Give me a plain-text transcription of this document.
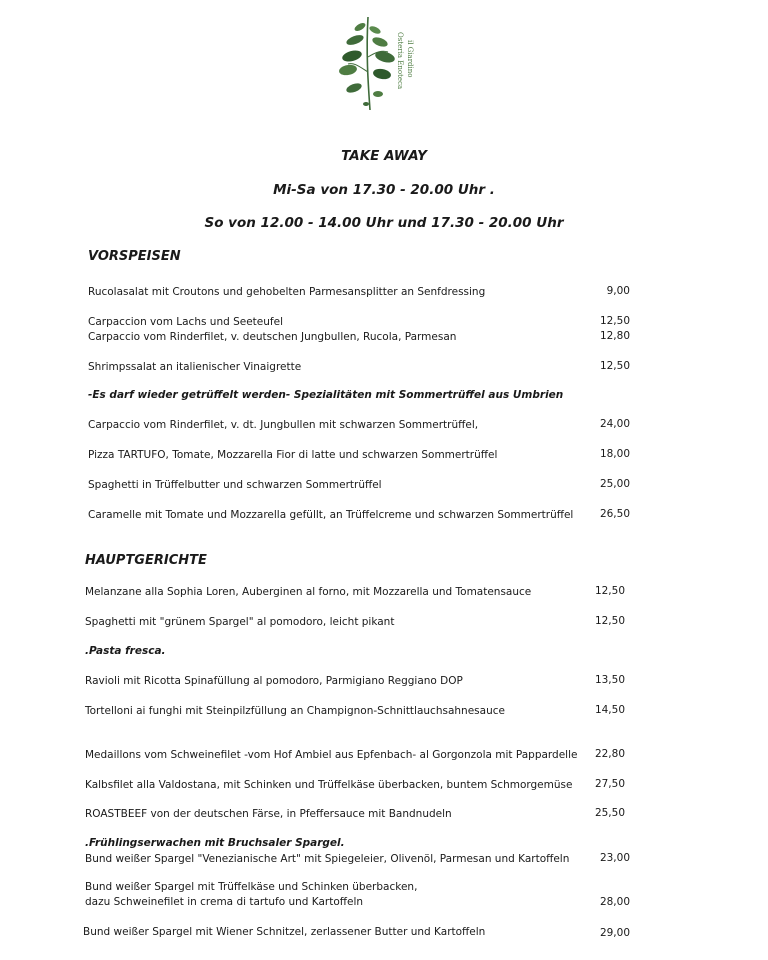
Osteria Enoteca il Giardino
TAKE AWAY
Mi-Sa von 17.30 - 20.00 Uhr .
So von 12.00 - 14.00 Uhr und 17.30 - 20.00 Uhr
VORSPEISEN
Rucolasalat mit Croutons und gehobelten Parmesansplitter an Senfdressing	9,00
Carpaccion vom Lachs und Seeteufel	12,50
Carpaccio vom Rinderfilet, v. deutschen Jungbullen, Rucola, Parmesan	12,80
Shrimpssalat an italienischer Vinaigrette	12,50
-Es darf wieder getrüffelt werden- Spezialitäten mit Sommertrüffel aus Umbrien
Carpaccio vom Rinderfilet, v. dt. Jungbullen mit schwarzen Sommertrüffel,	24,00
Pizza TARTUFO, Tomate, Mozzarella Fior di latte und schwarzen Sommertrüffel	18,00
Spaghetti in Trüffelbutter und schwarzen Sommertrüffel	25,00
Caramelle mit Tomate und Mozzarella gefüllt, an Trüffelcreme und schwarzen Sommertrüffel	26,50
HAUPTGERICHTE
Melanzane alla Sophia Loren, Auberginen al forno, mit Mozzarella und Tomatensauce	12,50
Spaghetti mit "grünem Spargel" al pomodoro, leicht pikant	12,50
.Pasta fresca.
Ravioli mit Ricotta Spinafüllung al pomodoro, Parmigiano Reggiano DOP	13,50
Tortelloni ai funghi mit Steinpilzfüllung an Champignon-Schnittlauchsahnesauce	14,50
Medaillons vom Schweinefilet -vom Hof Ambiel aus Epfenbach- al Gorgonzola mit Pappardelle	22,80
Kalbsfilet alla Valdostana, mit Schinken und Trüffelkäse überbacken, buntem Schmorgemüse	27,50
ROASTBEEF von der deutschen Färse, in Pfeffersauce mit Bandnudeln	25,50
.Frühlingserwachen mit Bruchsaler Spargel.
Bund weißer Spargel "Venezianische Art" mit Spiegeleier, Olivenöl, Parmesan und Kartoffeln	23,00
Bund weißer Spargel mit Trüffelkäse und Schinken überbacken,
dazu Schweinefilet in crema di tartufo und Kartoffeln	28,00
Bund weißer Spargel mit Wiener Schnitzel, zerlassener Butter und Kartoffeln	29,00
